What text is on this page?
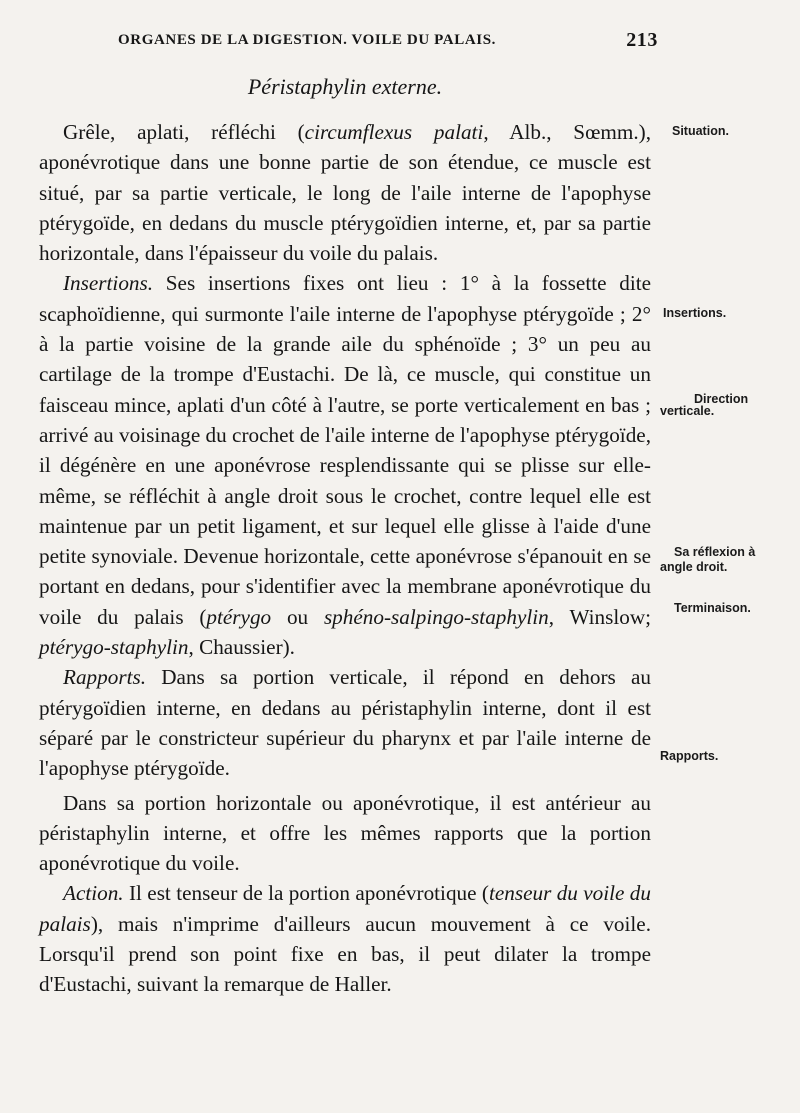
ORGANES DE LA DIGESTION. VOILE DU PALAIS.	213
Péristaphylin externe.

Grêle, aplati, réfléchi (circumflexus palati, Alb., Sœmm.), aponévrotique dans une bonne partie de son étendue, ce muscle est situé, par sa partie verticale, le long de l'aile interne de l'apophyse ptérygoïde, en dedans du muscle ptérygoïdien interne, et, par sa partie horizontale, dans l'épaisseur du voile du palais.

Insertions. Ses insertions fixes ont lieu : 1° à la fossette dite scaphoïdienne, qui surmonte l'aile interne de l'apophyse ptérygoïde ; 2° à la partie voisine de la grande aile du sphénoïde ; 3° un peu au cartilage de la trompe d'Eustachi. De là, ce muscle, qui constitue un faisceau mince, aplati d'un côté à l'autre, se porte verticalement en bas ; arrivé au voisinage du crochet de l'aile interne de l'apophyse ptérygoïde, il dégénère en une aponévrose resplendissante qui se plisse sur elle-même, se réfléchit à angle droit sous le crochet, contre lequel elle est maintenue par un petit ligament, et sur lequel elle glisse à l'aide d'une petite synoviale. Devenue horizontale, cette aponévrose s'épanouit en se portant en dedans, pour s'identifier avec la membrane aponévrotique du voile du palais (ptérygo ou sphéno-salpingo-staphylin, Winslow; ptérygo-staphylin, Chaussier).

Rapports. Dans sa portion verticale, il répond en dehors au ptérygoïdien interne, en dedans au péristaphylin interne, dont il est séparé par le constricteur supérieur du pharynx et par l'aile interne de l'apophyse ptérygoïde.

Dans sa portion horizontale ou aponévrotique, il est antérieur au péristaphylin interne, et offre les mêmes rapports que la portion aponévrotique du voile.

Action. Il est tenseur de la portion aponévrotique (tenseur du voile du palais), mais n'imprime d'ailleurs aucun mouvement à ce voile. Lorsqu'il prend son point fixe en bas, il peut dilater la trompe d'Eustachi, suivant la remarque de Haller.

Situation.
Insertions.
Direction
verticale.
Sa réflexion à
angle droit.
Terminaison.
Rapports.
